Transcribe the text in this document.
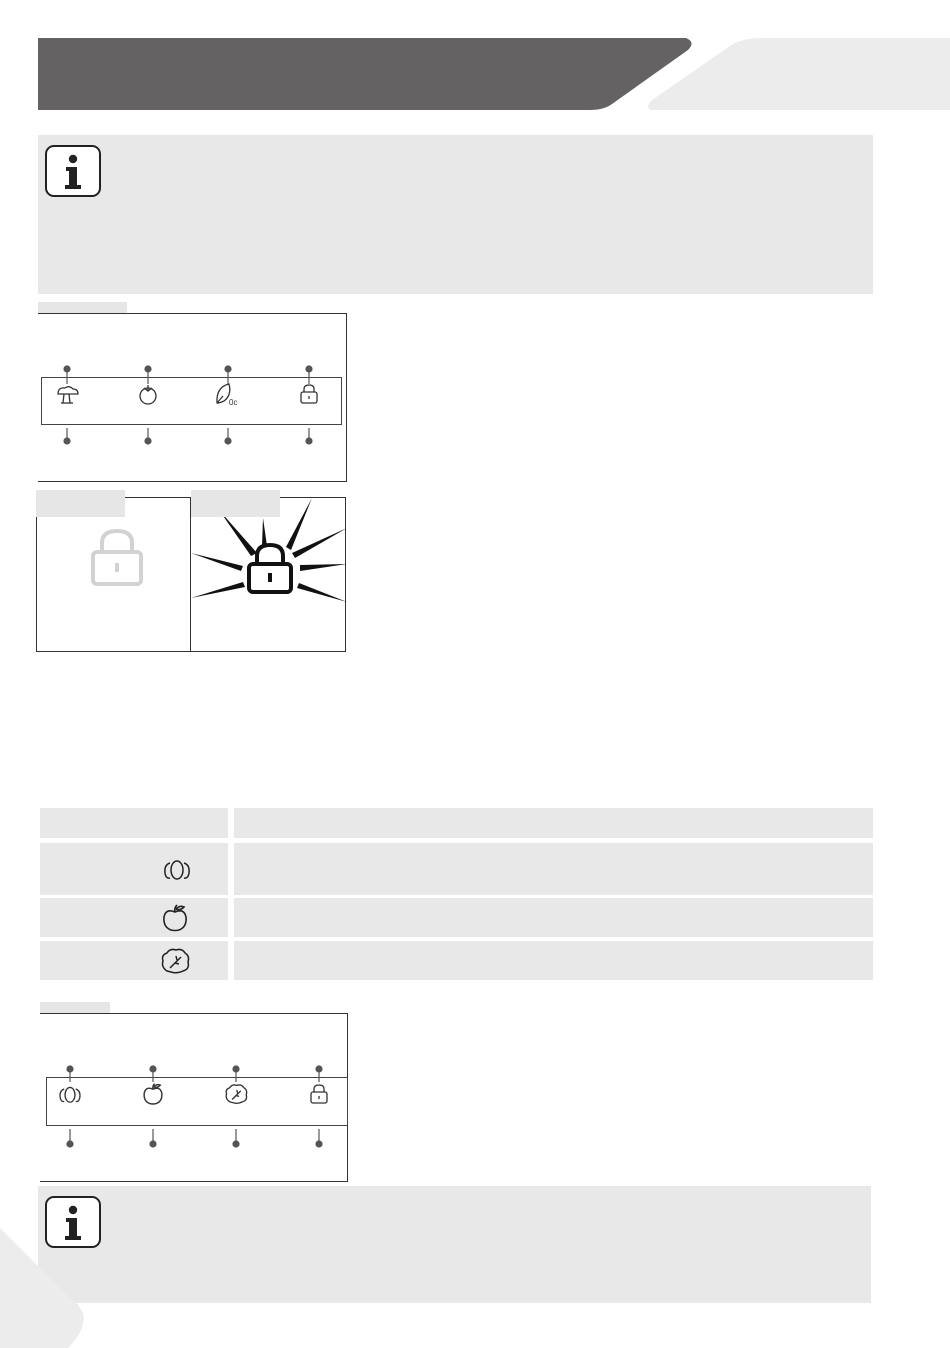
0c
